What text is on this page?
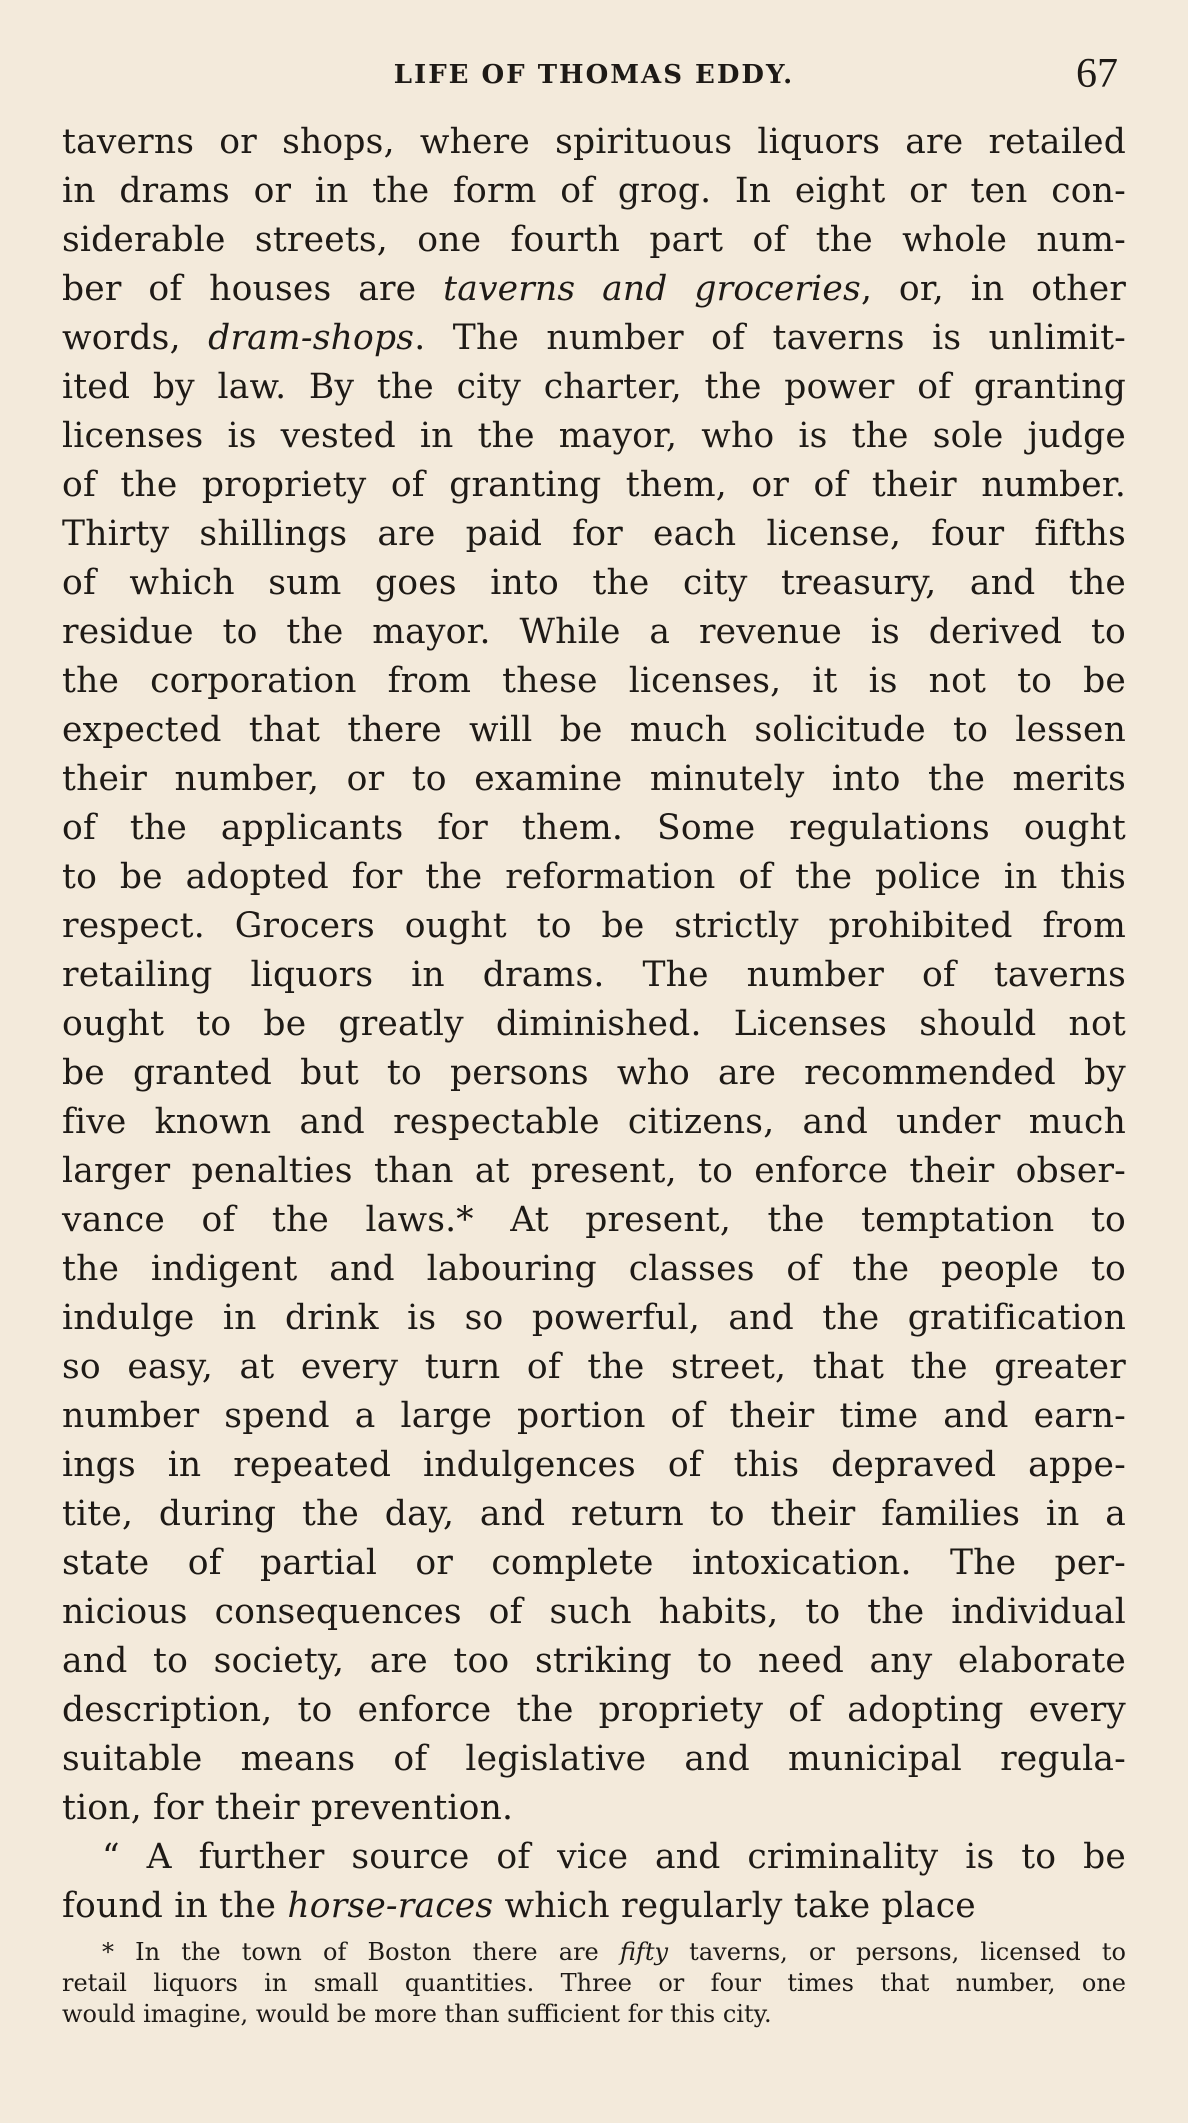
LIFE OF THOMAS EDDY.	67
taverns or shops, where spirituous liquors are retailed
in drams or in the form of grog. In eight or ten con-
siderable streets, one fourth part of the whole num-
ber of houses are taverns and groceries, or, in other
words, dram-shops. The number of taverns is unlimit-
ited by law. By the city charter, the power of granting
licenses is vested in the mayor, who is the sole judge
of the propriety of granting them, or of their number.
Thirty shillings are paid for each license, four fifths
of which sum goes into the city treasury, and the
residue to the mayor. While a revenue is derived to
the corporation from these licenses, it is not to be
expected that there will be much solicitude to lessen
their number, or to examine minutely into the merits
of the applicants for them. Some regulations ought
to be adopted for the reformation of the police in this
respect. Grocers ought to be strictly prohibited from
retailing liquors in drams. The number of taverns
ought to be greatly diminished. Licenses should not
be granted but to persons who are recommended by
five known and respectable citizens, and under much
larger penalties than at present, to enforce their obser-
vance of the laws.* At present, the temptation to
the indigent and labouring classes of the people to
indulge in drink is so powerful, and the gratification
so easy, at every turn of the street, that the greater
number spend a large portion of their time and earn-
ings in repeated indulgences of this depraved appe-
tite, during the day, and return to their families in a
state of partial or complete intoxication. The per-
nicious consequences of such habits, to the individual
and to society, are too striking to need any elaborate
description, to enforce the propriety of adopting every
suitable means of legislative and municipal regula-
tion, for their prevention.
“ A further source of vice and criminality is to be
found in the horse-races which regularly take place
* In the town of Boston there are fifty taverns, or persons, licensed to
retail liquors in small quantities. Three or four times that number, one
would imagine, would be more than sufficient for this city.
